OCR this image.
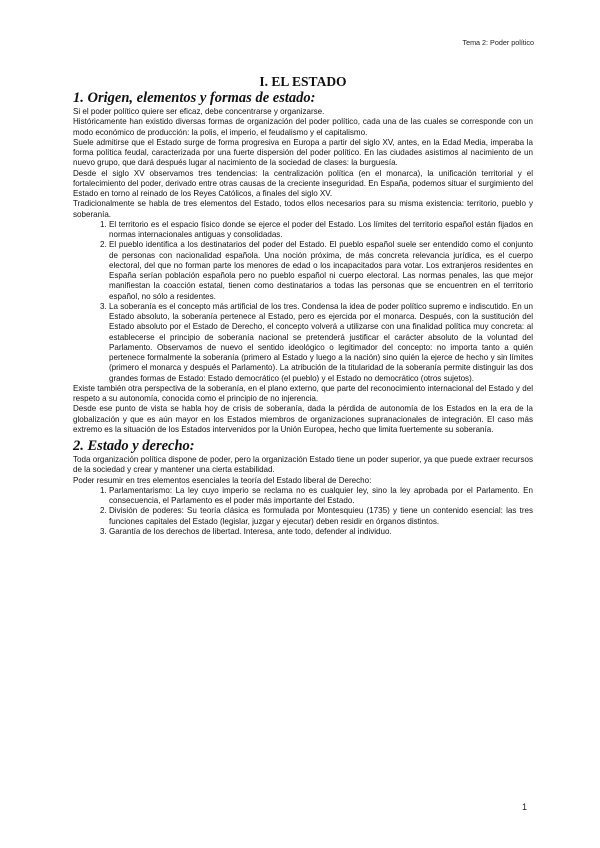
Tema 2: Poder político
I. EL ESTADO
1. Origen, elementos y formas de estado:

Si el poder político quiere ser eficaz, debe concentrarse y organizarse.

Históricamente han existido diversas formas de organización del poder político, cada una de las cuales se corresponde con un modo económico de producción: la polis, el imperio, el feudalismo y el capitalismo.

Suele admitirse que el Estado surge de forma progresiva en Europa a partir del siglo XV, antes, en la Edad Media, imperaba la forma política feudal, caracterizada por una fuerte dispersión del poder político. En las ciudades asistimos al nacimiento de un nuevo grupo, que dará después lugar al nacimiento de la sociedad de clases: la burguesía.

Desde el siglo XV observamos tres tendencias: la centralización política (en el monarca), la unificación territorial y el fortalecimiento del poder, derivado entre otras causas de la creciente inseguridad. En España, podemos situar el surgimiento del Estado en torno al reinado de los Reyes Católicos, a finales del siglo XV.

Tradicionalmente se habla de tres elementos del Estado, todos ellos necesarios para su misma existencia: territorio, pueblo y soberanía.

1. El territorio es el espacio físico donde se ejerce el poder del Estado. Los límites del territorio español están fijados en normas internacionales antiguas y consolidadas.
2. El pueblo identifica a los destinatarios del poder del Estado. El pueblo español suele ser entendido como el conjunto de personas con nacionalidad española. Una noción próxima, de más concreta relevancia jurídica, es el cuerpo electoral, del que no forman parte los menores de edad o los incapacitados para votar. Los extranjeros residentes en España serían población española pero no pueblo español ni cuerpo electoral. Las normas penales, las que mejor manifiestan la coacción estatal, tienen como destinatarios a todas las personas que se encuentren en el territorio español, no sólo a residentes.
3. La soberanía es el concepto más artificial de los tres. Condensa la idea de poder político supremo e indiscutido. En un Estado absoluto, la soberanía pertenece al Estado, pero es ejercida por el monarca. Después, con la sustitución del Estado absoluto por el Estado de Derecho, el concepto volverá a utilizarse con una finalidad política muy concreta: al establecerse el principio de soberanía nacional se pretenderá justificar el carácter absoluto de la voluntad del Parlamento. Observamos de nuevo el sentido ideológico o legitimador del concepto: no importa tanto a quién pertenece formalmente la soberanía (primero al Estado y luego a la nación) sino quién la ejerce de hecho y sin límites (primero el monarca y después el Parlamento). La atribución de la titularidad de la soberanía permite distinguir las dos grandes formas de Estado: Estado democrático (el pueblo) y el Estado no democrático (otros sujetos).

Existe también otra perspectiva de la soberanía, en el plano externo, que parte del reconocimiento internacional del Estado y del respeto a su autonomía, conocida como el principio de no injerencia.

Desde ese punto de vista se habla hoy de crisis de soberanía, dada la pérdida de autonomía de los Estados en la era de la globalización y que es aún mayor en los Estados miembros de organizaciones supranacionales de integración. El caso más extremo es la situación de los Estados intervenidos por la Unión Europea, hecho que limita fuertemente su soberanía.

2. Estado y derecho:

Toda organización política dispone de poder, pero la organización Estado tiene un poder superior, ya que puede extraer recursos de la sociedad y crear y mantener una cierta estabilidad.

Poder resumir en tres elementos esenciales la teoría del Estado liberal de Derecho:

1. Parlamentarismo: La ley cuyo imperio se reclama no es cualquier ley, sino la ley aprobada por el Parlamento. En consecuencia, el Parlamento es el poder más importante del Estado.
2. División de poderes: Su teoría clásica es formulada por Montesquieu (1735) y tiene un contenido esencial: las tres funciones capitales del Estado (legislar, juzgar y ejecutar) deben residir en órganos distintos.
3. Garantía de los derechos de libertad. Interesa, ante todo, defender al individuo.
1
